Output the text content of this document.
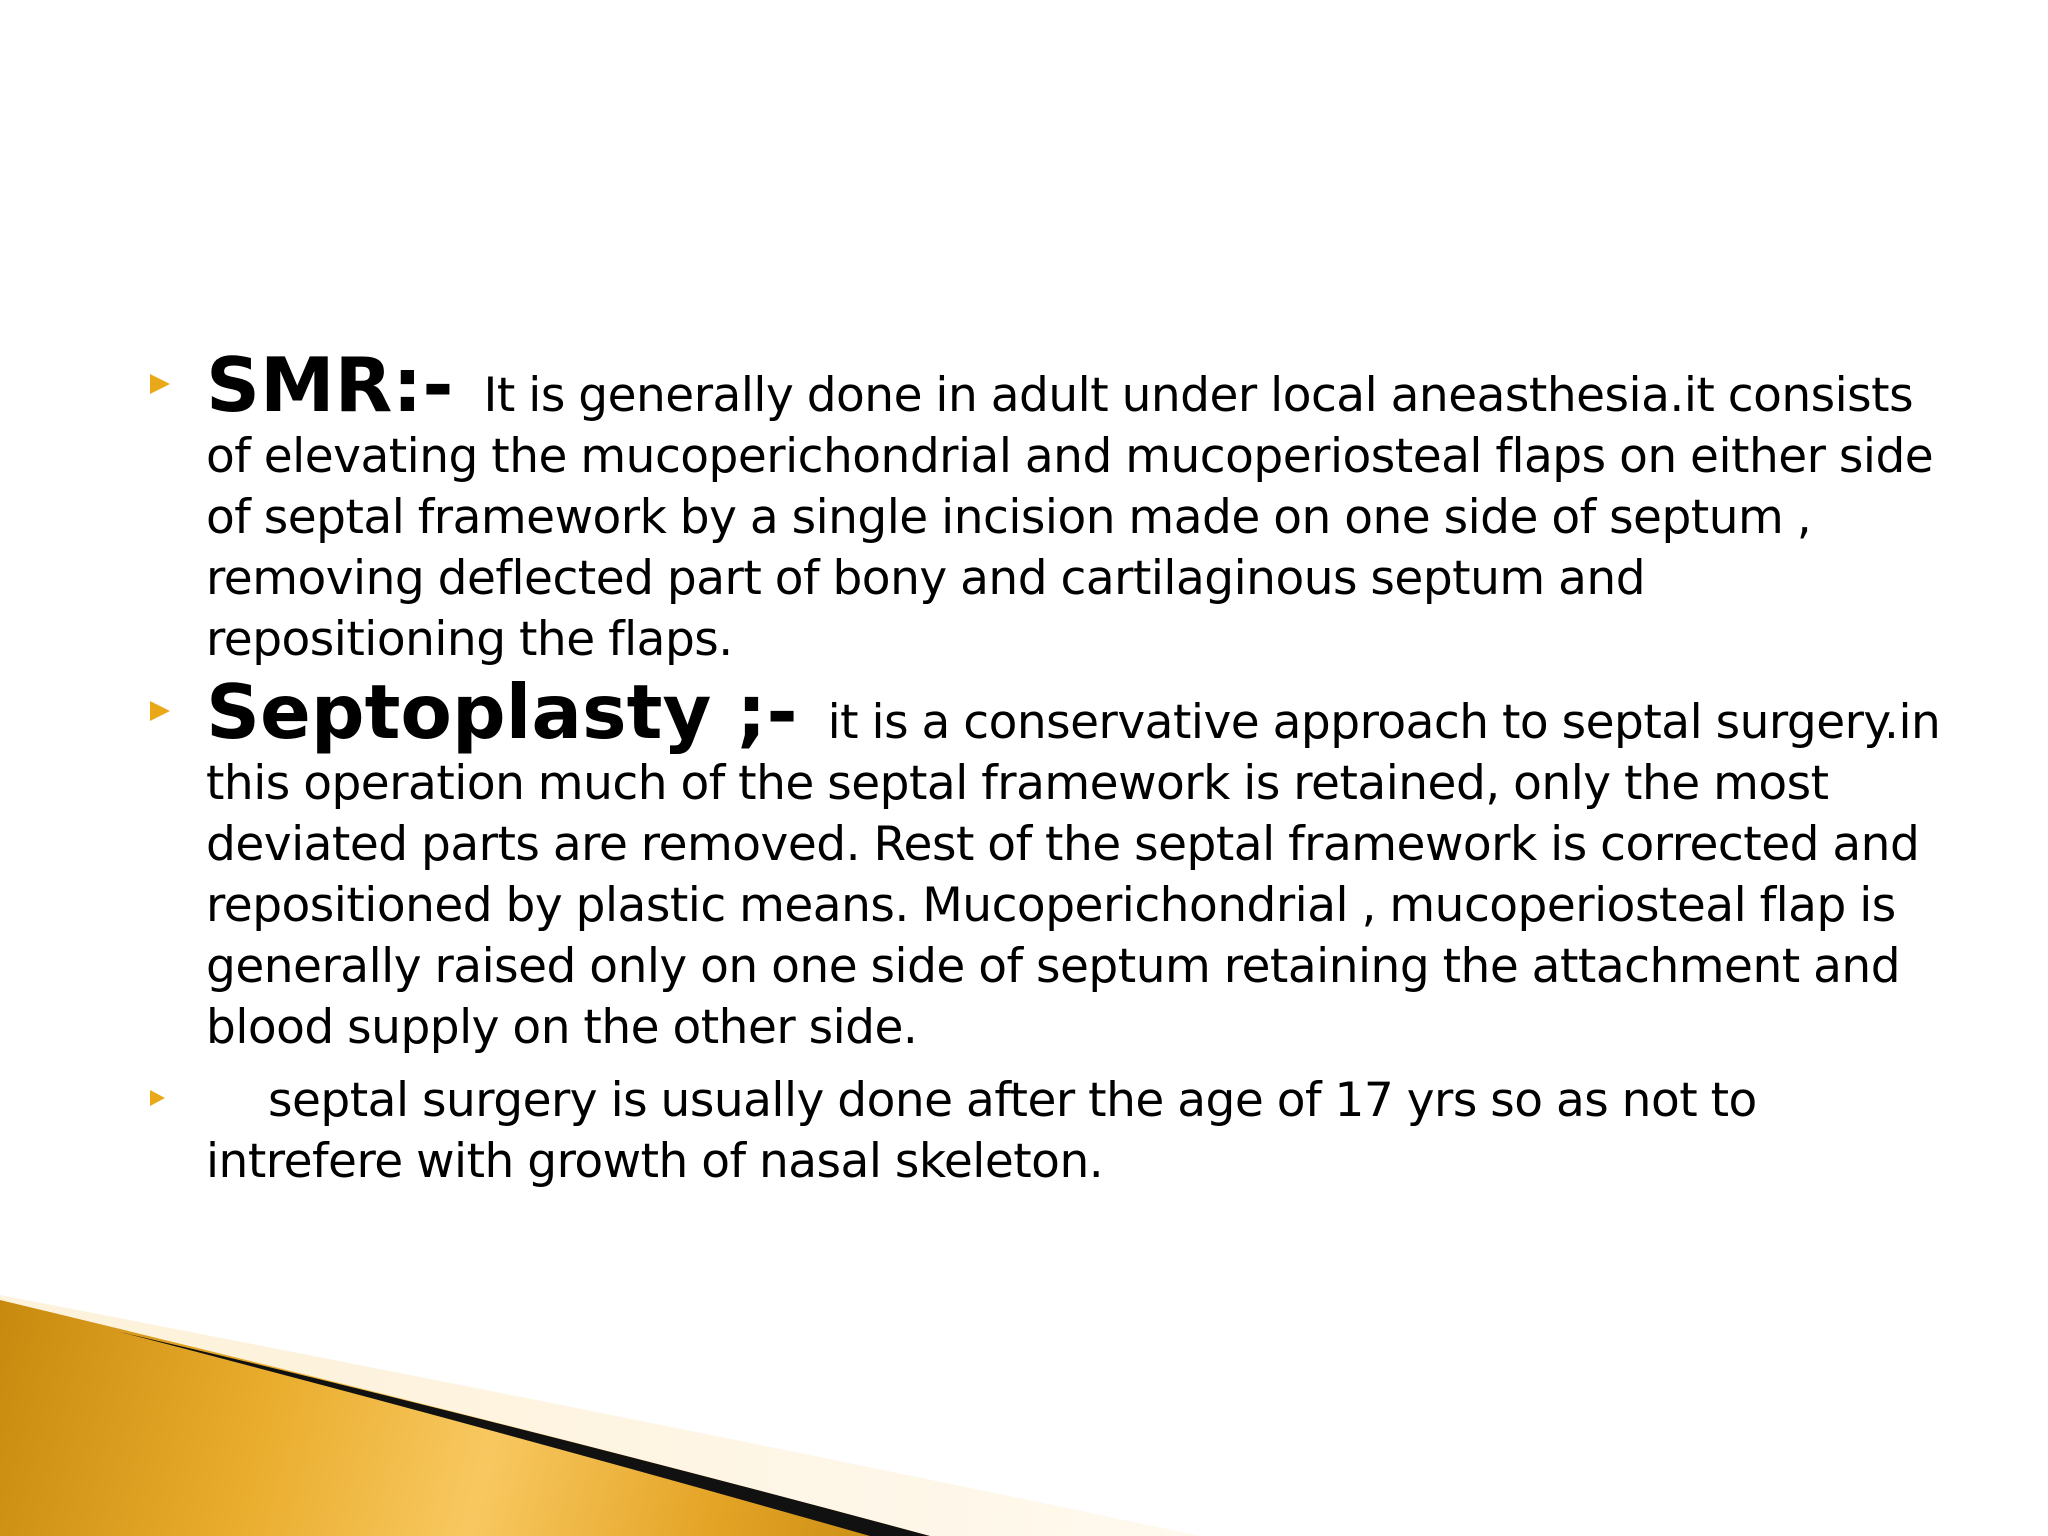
SMR:- It is generally done in adult under local aneasthesia.it consists of elevating the mucoperichondrial and mucoperiosteal flaps on either side of septal framework by a single incision made on one side of septum , removing deflected part of bony and cartilaginous septum and repositioning the flaps.
Septoplasty ;- it is a conservative approach to septal surgery.in this operation much of the septal framework is retained, only the most deviated parts are removed. Rest of the septal framework is corrected and repositioned by plastic means. Mucoperichondrial , mucoperiosteal flap is generally raised only on one side of septum retaining the attachment and blood supply on the other side.
septal surgery is usually done after the age of 17 yrs so as not to intrefere with growth of nasal skeleton.
